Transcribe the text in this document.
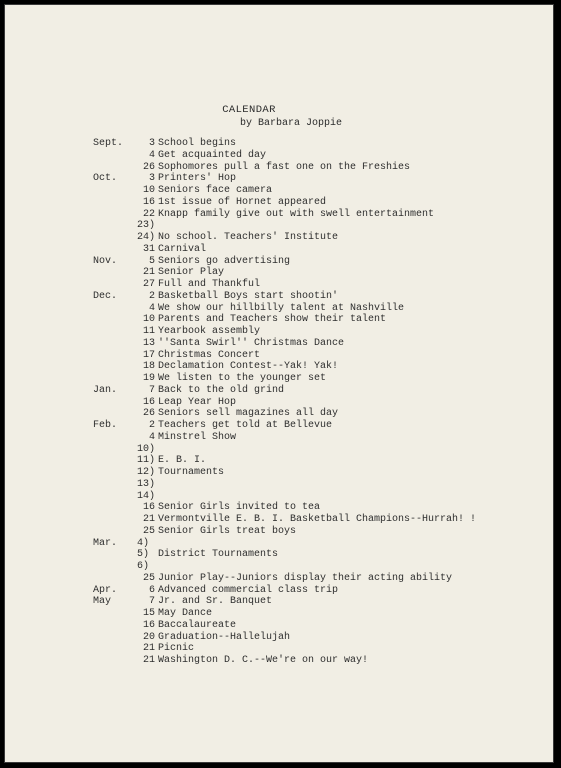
CALENDAR
by Barbara Joppie
Sept.	3 School begins
4 Get acquainted day
26 Sophomores pull a fast one on the Freshies
Oct.	3 Printers' Hop
10 Seniors face camera
16 1st issue of Hornet appeared
22 Knapp family give out with swell entertainment
23)
24) No school. Teachers' Institute
31 Carnival
Nov.	5 Seniors go advertising
21 Senior Play
27 Full and Thankful
Dec.	2 Basketball Boys start shootin'
4 We show our hillbilly talent at Nashville
10 Parents and Teachers show their talent
11 Yearbook assembly
13 ''Santa Swirl'' Christmas Dance
17 Christmas Concert
18 Declamation Contest--Yak! Yak!
19 We listen to the younger set
Jan.	7 Back to the old grind
16 Leap Year Hop
26 Seniors sell magazines all day
Feb.	2 Teachers get told at Bellevue
4 Minstrel Show
10)
11) E. B. I.
12) Tournaments
13)
14)
16 Senior Girls invited to tea
21 Vermontville E. B. I. Basketball Champions--Hurrah! !
25 Senior Girls treat boys
Mar.	4)
5) District Tournaments
6)
25 Junior Play--Juniors display their acting ability
Apr.	6 Advanced commercial class trip
May	7 Jr. and Sr. Banquet
15 May Dance
16 Baccalaureate
20 Graduation--Hallelujah
21 Picnic
21 Washington D. C.--We're on our way!
